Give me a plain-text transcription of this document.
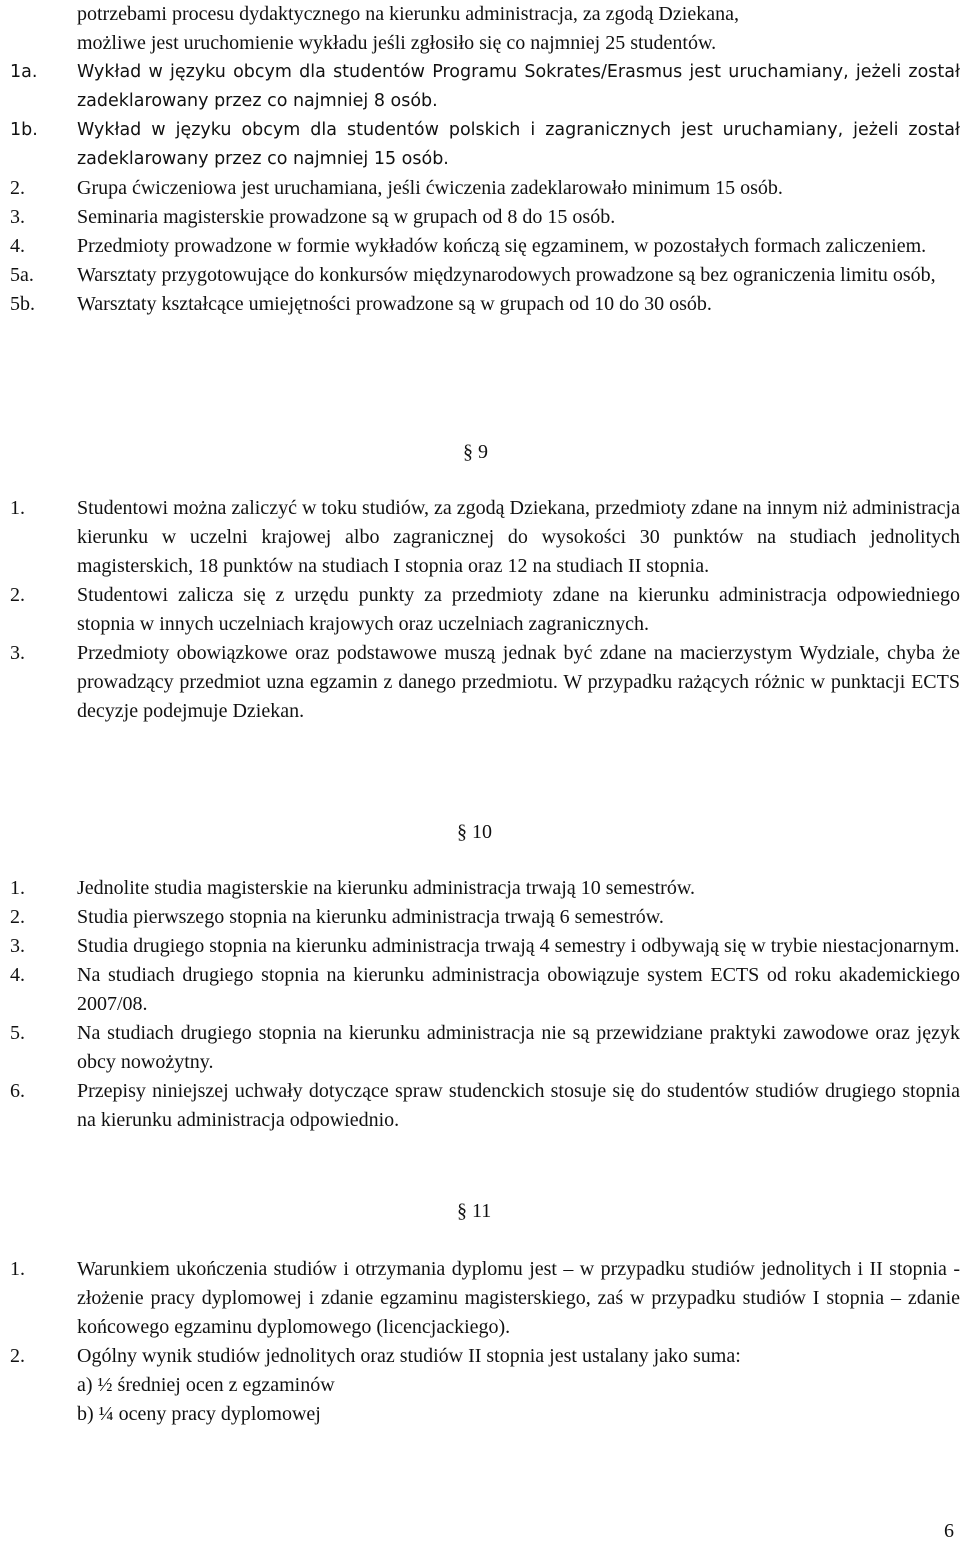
potrzebami procesu dydaktycznego na kierunku administracja, za zgodą Dziekana,
możliwe jest uruchomienie wykładu jeśli zgłosiło się co najmniej 25 studentów.
1a. Wykład w języku obcym dla studentów Programu Sokrates/Erasmus jest uruchamiany, jeżeli został zadeklarowany przez co najmniej 8 osób.
1b. Wykład w języku obcym dla studentów polskich i zagranicznych jest uruchamiany, jeżeli został zadeklarowany przez co najmniej 15 osób.
2.	Grupa ćwiczeniowa jest uruchamiana, jeśli ćwiczenia zadeklarowało minimum 15 osób.
3.	Seminaria magisterskie prowadzone są w grupach od 8 do 15 osób.
4.	Przedmioty prowadzone w formie wykładów kończą się egzaminem, w pozostałych formach zaliczeniem.
5a. Warsztaty przygotowujące do konkursów międzynarodowych prowadzone są bez ograniczenia limitu osób,
5b. Warsztaty kształcące umiejętności prowadzone są w grupach od 10 do 30 osób.
§ 9
1.	Studentowi można zaliczyć w toku studiów, za zgodą Dziekana, przedmioty zdane na innym niż administracja kierunku w uczelni krajowej albo zagranicznej do wysokości 30 punktów na studiach jednolitych magisterskich, 18 punktów na studiach I stopnia oraz 12 na studiach II stopnia.
2.	Studentowi zalicza się z urzędu punkty za przedmioty zdane na kierunku administracja odpowiedniego stopnia w innych uczelniach krajowych oraz uczelniach zagranicznych.
3.	Przedmioty obowiązkowe oraz podstawowe muszą jednak być zdane na macierzystym Wydziale, chyba że prowadzący przedmiot uzna egzamin z danego przedmiotu. W przypadku rażących różnic w punktacji ECTS decyzje podejmuje Dziekan.
§ 10
1.	Jednolite studia magisterskie na kierunku administracja trwają 10 semestrów.
2.	Studia pierwszego stopnia na kierunku administracja trwają 6 semestrów.
3.	Studia drugiego stopnia na kierunku administracja trwają 4 semestry i odbywają się w trybie niestacjonarnym.
4.	Na studiach drugiego stopnia na kierunku administracja obowiązuje system ECTS od roku akademickiego 2007/08.
5.	Na studiach drugiego stopnia na kierunku administracja nie są przewidziane praktyki zawodowe oraz język obcy nowożytny.
6.	Przepisy niniejszej uchwały dotyczące spraw studenckich stosuje się do studentów studiów drugiego stopnia na kierunku administracja odpowiednio.
§ 11
1.	Warunkiem ukończenia studiów i otrzymania dyplomu jest – w przypadku studiów jednolitych i II stopnia - złożenie pracy dyplomowej i zdanie egzaminu magisterskiego, zaś w przypadku studiów I stopnia – zdanie końcowego egzaminu dyplomowego (licencjackiego).
2.	Ogólny wynik studiów jednolitych oraz studiów II stopnia jest ustalany jako suma:
a) ½ średniej ocen z egzaminów
b) ¼ oceny pracy dyplomowej
6
